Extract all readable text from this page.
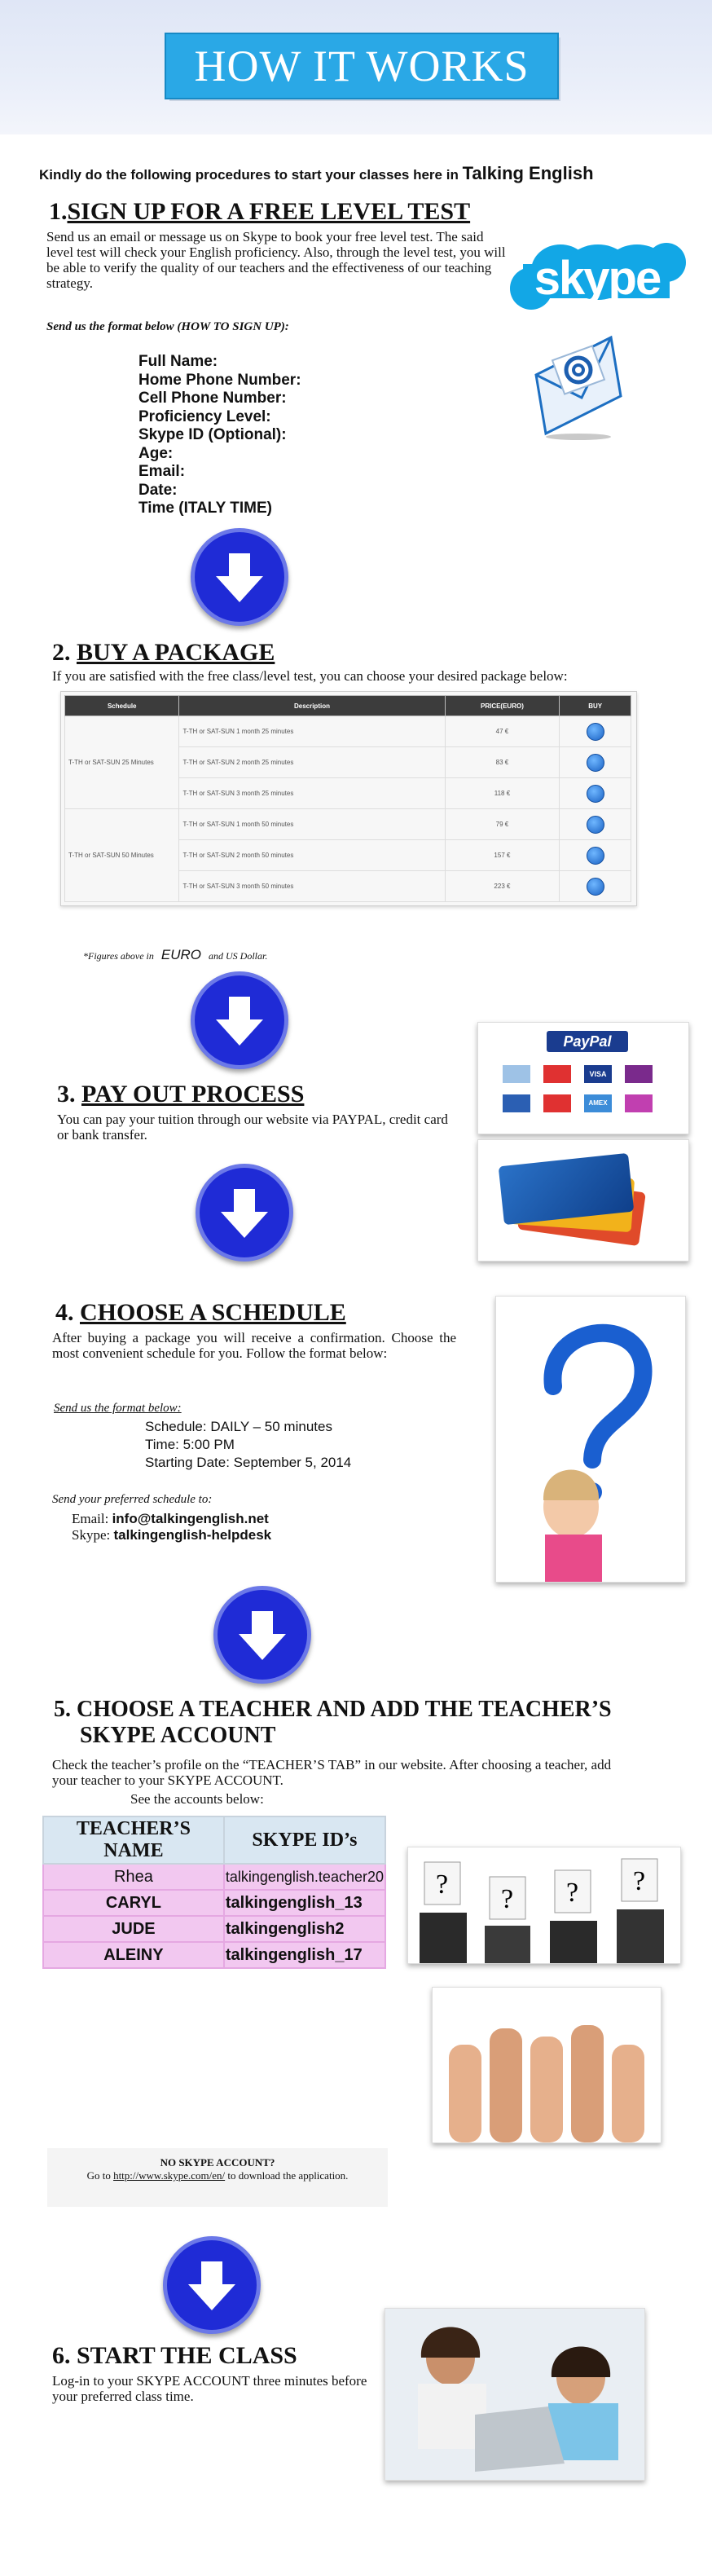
HOW IT WORKS
Kindly do the following procedures to start your classes here in Talking English
1.SIGN UP FOR A FREE LEVEL TEST
Send us an email or message us on Skype to book your free level test. The said level test will check your English proficiency. Also, through the level test, you will be able to verify the quality of our teachers and the effectiveness of our teaching strategy.
Send us the format below (HOW TO SIGN UP):
Full Name:
Home Phone Number:
Cell Phone Number:
Proficiency Level:
Skype ID (Optional):
Age:
Email:
Date:
Time (ITALY TIME)
skype
2. BUY A PACKAGE
If you are satisfied with the free class/level test, you can choose your desired package below:
Schedule	Description	PRICE(EURO)	BUY
T-TH or SAT-SUN 25 Minutes	T-TH or SAT-SUN 1 month 25 minutes	47 €	

	T-TH or SAT-SUN 2 month 25 minutes	83 €	

	T-TH or SAT-SUN 3 month 25 minutes	118 €	

T-TH or SAT-SUN 50 Minutes	T-TH or SAT-SUN 1 month 50 minutes	79 €	

	T-TH or SAT-SUN 2 month 50 minutes	157 €	

	T-TH or SAT-SUN 3 month 50 minutes	223 €	
*Figures above in EURO and US Dollar.
PayPal
VISA
AMEX
3. PAY OUT PROCESS
You can pay your tuition through our website via PAYPAL, credit card or bank transfer.
4. CHOOSE A SCHEDULE
After buying a package you will receive a confirmation. Choose the most convenient schedule for you. Follow the format below:
Send us the format below:
Schedule: DAILY – 50 minutes
Time: 5:00 PM
Starting Date: September 5, 2014
Send your preferred schedule to:
Email: info@talkingenglish.net
Skype: talkingenglish-helpdesk
5. CHOOSE A TEACHER AND ADD THE TEACHER’S
SKYPE ACCOUNT
Check the teacher’s profile on the “TEACHER’S TAB” in our website. After choosing a teacher, add your teacher to your SKYPE ACCOUNT.
See the accounts below:
TEACHER’S NAME	SKYPE ID’s
Rhea	talkingenglish.teacher20
CARYL	talkingenglish_13
JUDE	talkingenglish2
ALEINY	talkingenglish_17
? ? ? ?
NO SKYPE ACCOUNT?
Go to http://www.skype.com/en/ to download the application.
6. START THE CLASS
Log-in to your SKYPE ACCOUNT three minutes before your preferred class time.
